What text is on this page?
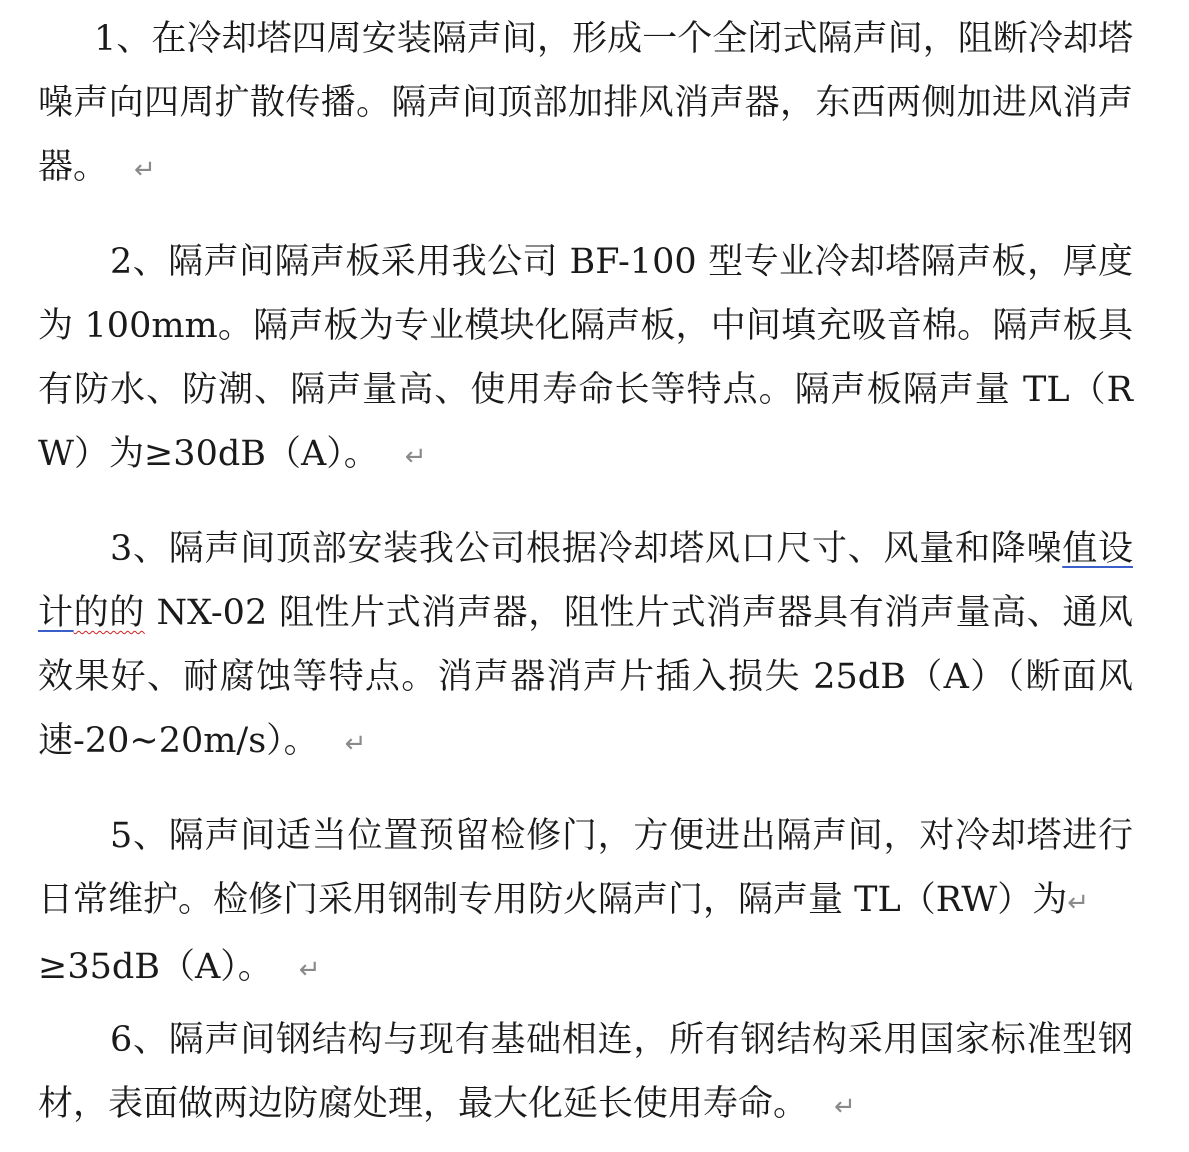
1、在冷却塔四周安装隔声间，形成一个全闭式隔声间，阻断冷却塔噪声向四周扩散传播。隔声间顶部加排风消声器，东西两侧加进风消声器。 ↵

2、隔声间隔声板采用我公司 BF-100 型专业冷却塔隔声板，厚度为 100mm。隔声板为专业模块化隔声板，中间填充吸音棉。隔声板具有防水、防潮、隔声量高、使用寿命长等特点。隔声板隔声量 TL（RW）为≥30dB（A）。 ↵

3、隔声间顶部安装我公司根据冷却塔风口尺寸、风量和降噪值设计的的 NX-02 阻性片式消声器，阻性片式消声器具有消声量高、通风效果好、耐腐蚀等特点。消声器消声片插入损失 25dB（A）（断面风速-20~20m/s）。 ↵

5、隔声间适当位置预留检修门，方便进出隔声间，对冷却塔进行日常维护。检修门采用钢制专用防火隔声门，隔声量 TL（RW）为↵
≥35dB（A）。 ↵

6、隔声间钢结构与现有基础相连，所有钢结构采用国家标准型钢材，表面做两边防腐处理，最大化延长使用寿命。 ↵
